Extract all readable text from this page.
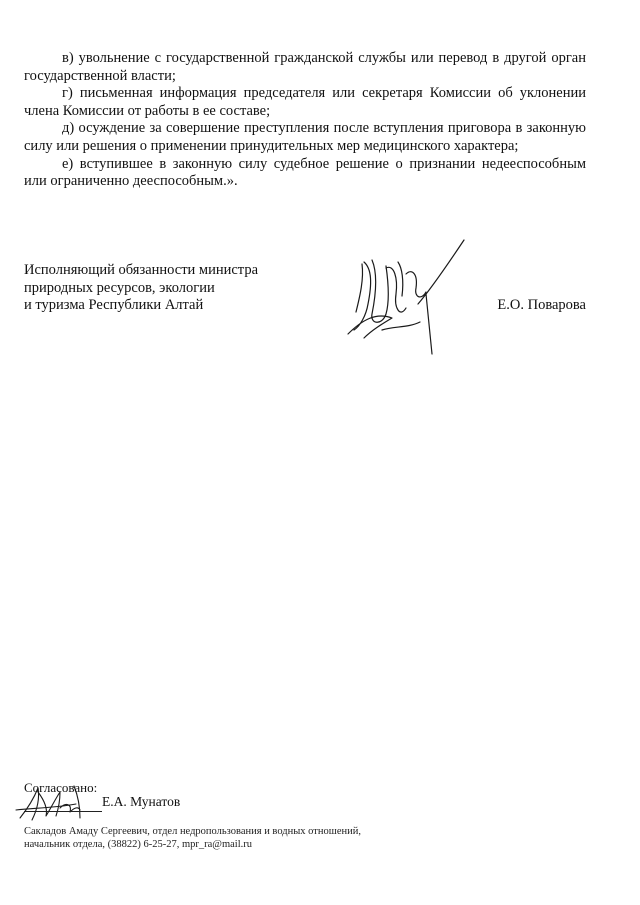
в) увольнение с государственной гражданской службы или перевод в другой орган государственной власти;

г) письменная информация председателя или секретаря Комиссии об уклонении члена Комиссии от работы в ее составе;

д) осуждение за совершение преступления после вступления приговора в законную силу или решения о применении принудительных мер медицинского характера;

е) вступившее в законную силу судебное решение о признании недееспособным или ограниченно дееспособным.».

Исполняющий обязанности министра

природных ресурсов, экологии

и туризма Республики Алтай	Е.О. Поварова

Согласовано:

Е.А. Мунатов

Сакладов Амаду Сергеевич, отдел недропользования и водных отношений,

начальник отдела, (38822) 6-25-27, mpr_ra@mail.ru
